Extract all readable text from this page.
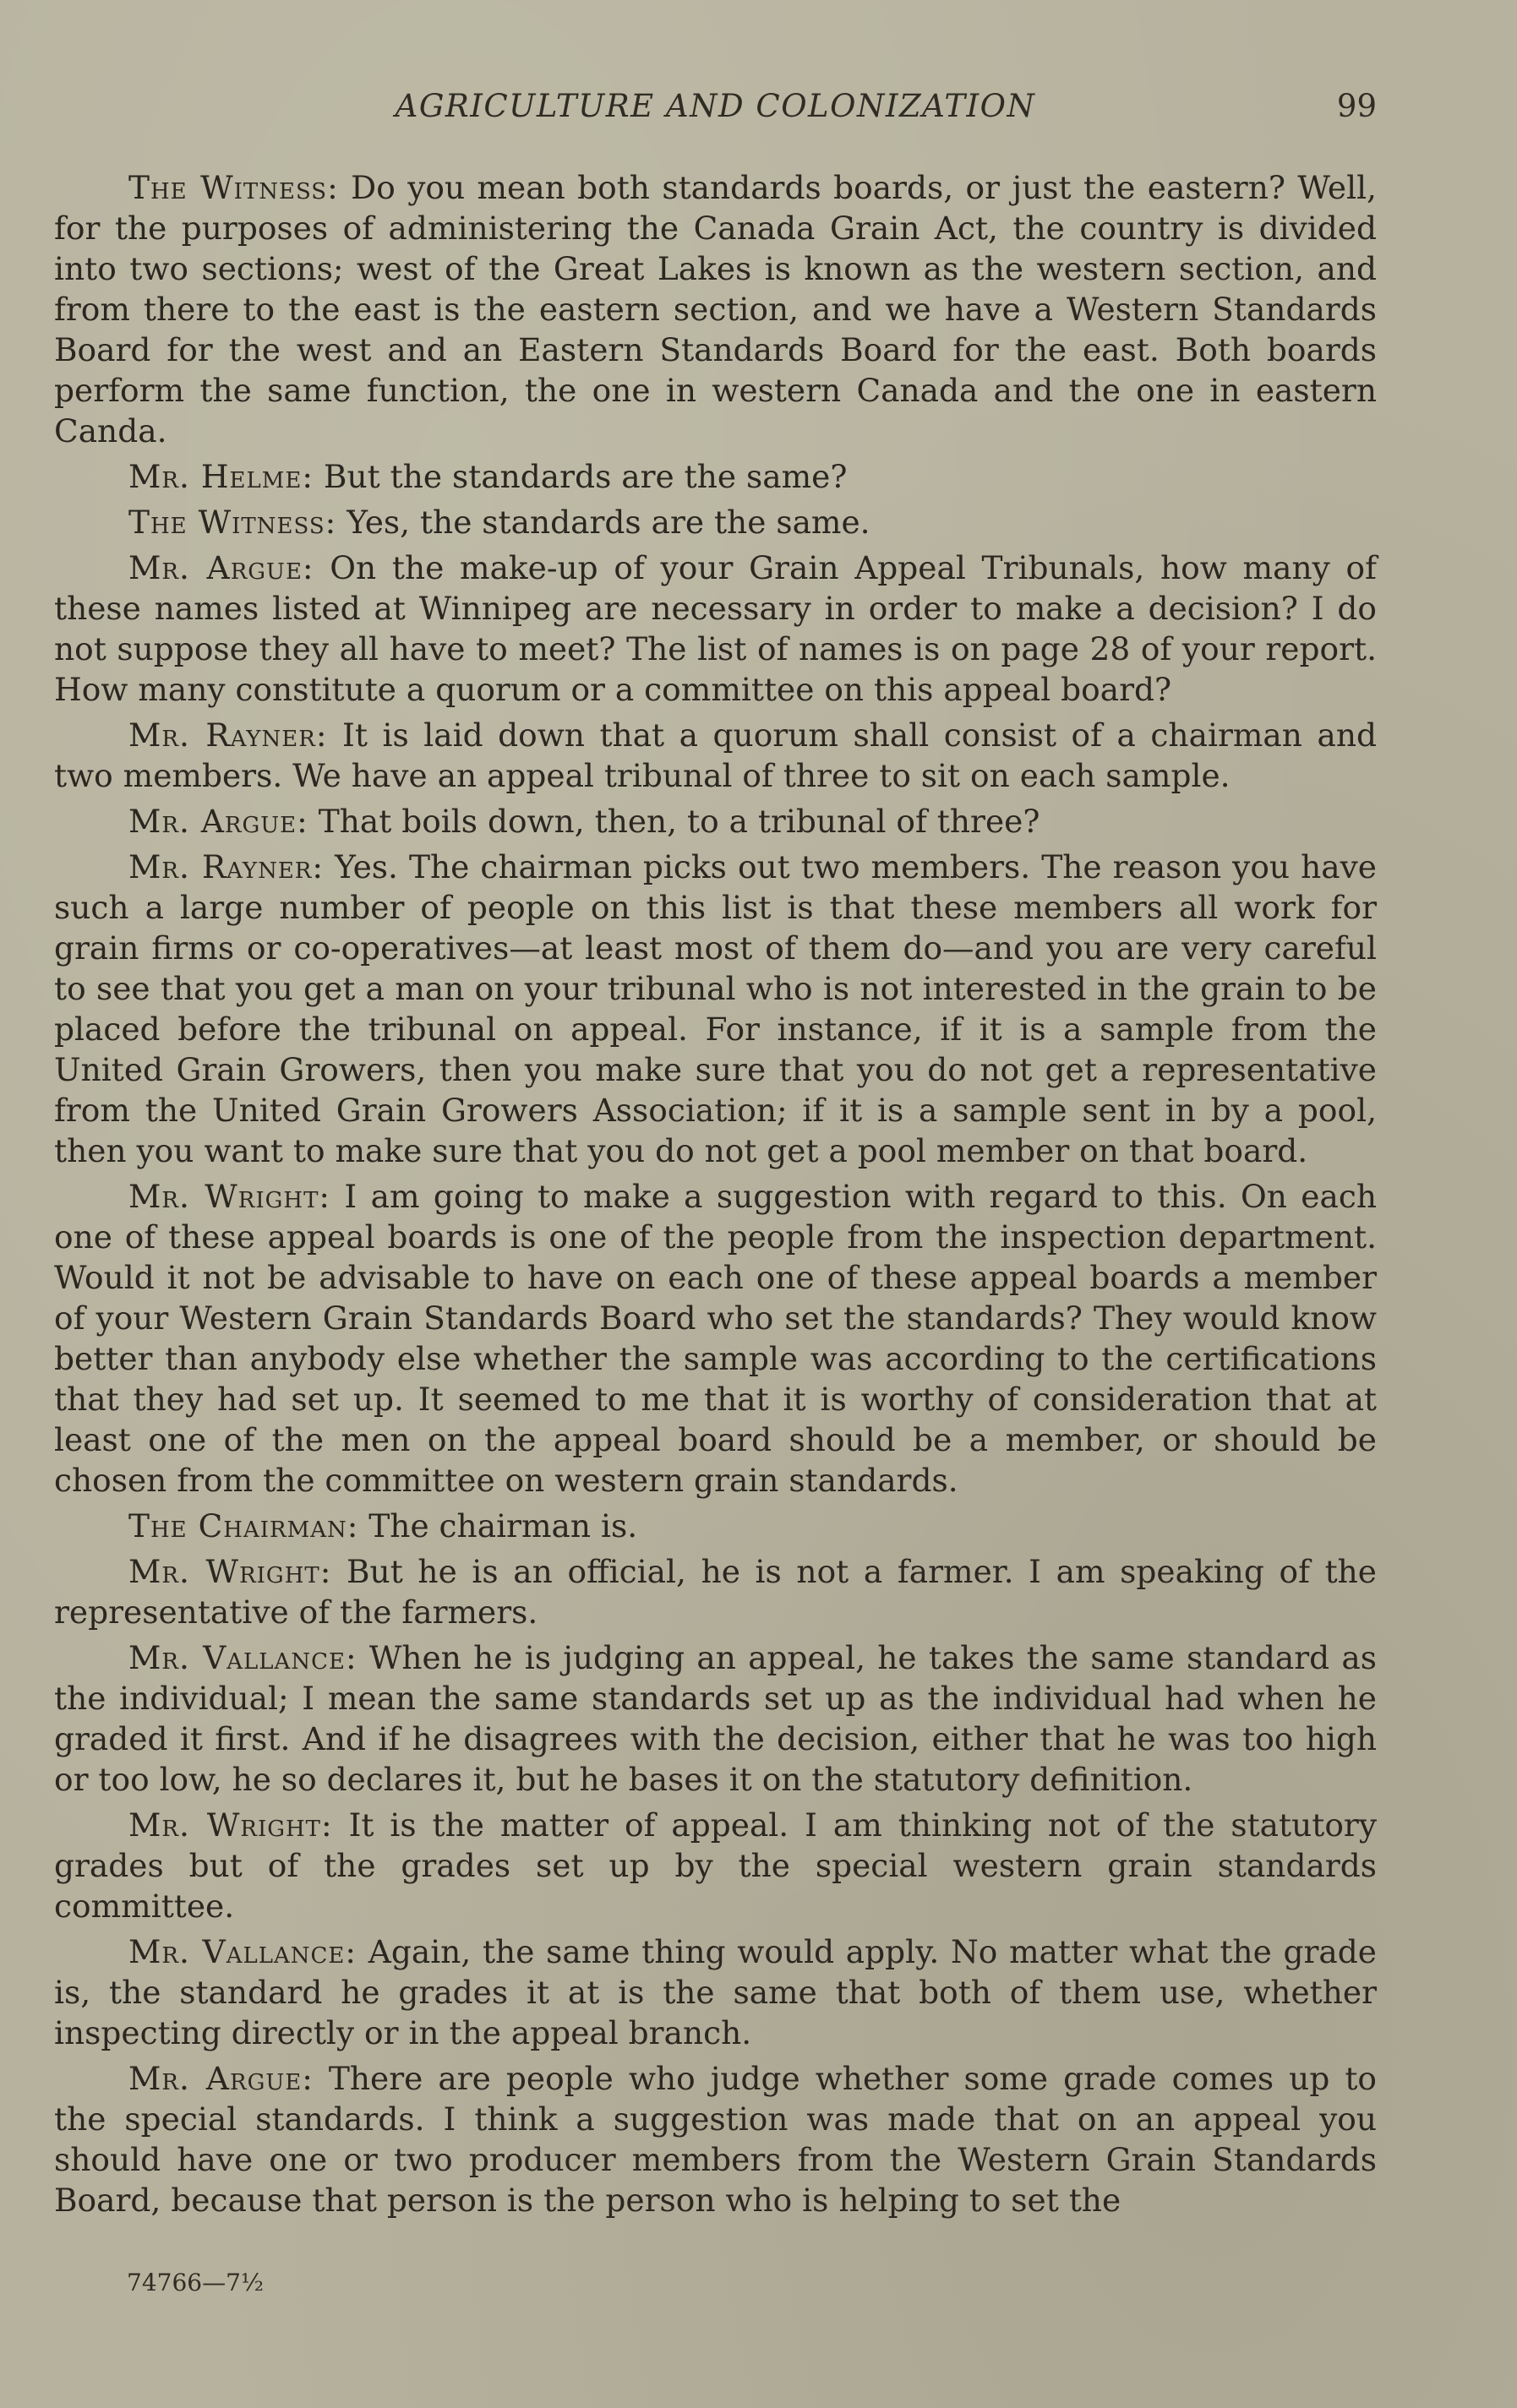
AGRICULTURE AND COLONIZATION	99

The Witness: Do you mean both standards boards, or just the eastern? Well, for the purposes of administering the Canada Grain Act, the country is divided into two sections; west of the Great Lakes is known as the western section, and from there to the east is the eastern section, and we have a Western Standards Board for the west and an Eastern Standards Board for the east. Both boards perform the same function, the one in western Canada and the one in eastern Canda.

Mr. Helme: But the standards are the same?

The Witness: Yes, the standards are the same.

Mr. Argue: On the make-up of your Grain Appeal Tribunals, how many of these names listed at Winnipeg are necessary in order to make a decision? I do not suppose they all have to meet? The list of names is on page 28 of your report. How many constitute a quorum or a committee on this appeal board?

Mr. Rayner: It is laid down that a quorum shall consist of a chairman and two members. We have an appeal tribunal of three to sit on each sample.

Mr. Argue: That boils down, then, to a tribunal of three?

Mr. Rayner: Yes. The chairman picks out two members. The reason you have such a large number of people on this list is that these members all work for grain firms or co-operatives—at least most of them do—and you are very careful to see that you get a man on your tribunal who is not interested in the grain to be placed before the tribunal on appeal. For instance, if it is a sample from the United Grain Growers, then you make sure that you do not get a representative from the United Grain Growers Association; if it is a sample sent in by a pool, then you want to make sure that you do not get a pool member on that board.

Mr. Wright: I am going to make a suggestion with regard to this. On each one of these appeal boards is one of the people from the inspection department. Would it not be advisable to have on each one of these appeal boards a member of your Western Grain Standards Board who set the standards? They would know better than anybody else whether the sample was according to the certifications that they had set up. It seemed to me that it is worthy of consideration that at least one of the men on the appeal board should be a member, or should be chosen from the committee on western grain standards.

The Chairman: The chairman is.

Mr. Wright: But he is an official, he is not a farmer. I am speaking of the representative of the farmers.

Mr. Vallance: When he is judging an appeal, he takes the same standard as the individual; I mean the same standards set up as the individual had when he graded it first. And if he disagrees with the decision, either that he was too high or too low, he so declares it, but he bases it on the statutory definition.

Mr. Wright: It is the matter of appeal. I am thinking not of the statutory grades but of the grades set up by the special western grain standards committee.

Mr. Vallance: Again, the same thing would apply. No matter what the grade is, the standard he grades it at is the same that both of them use, whether inspecting directly or in the appeal branch.

Mr. Argue: There are people who judge whether some grade comes up to the special standards. I think a suggestion was made that on an appeal you should have one or two producer members from the Western Grain Standards Board, because that person is the person who is helping to set the

74766—7½
